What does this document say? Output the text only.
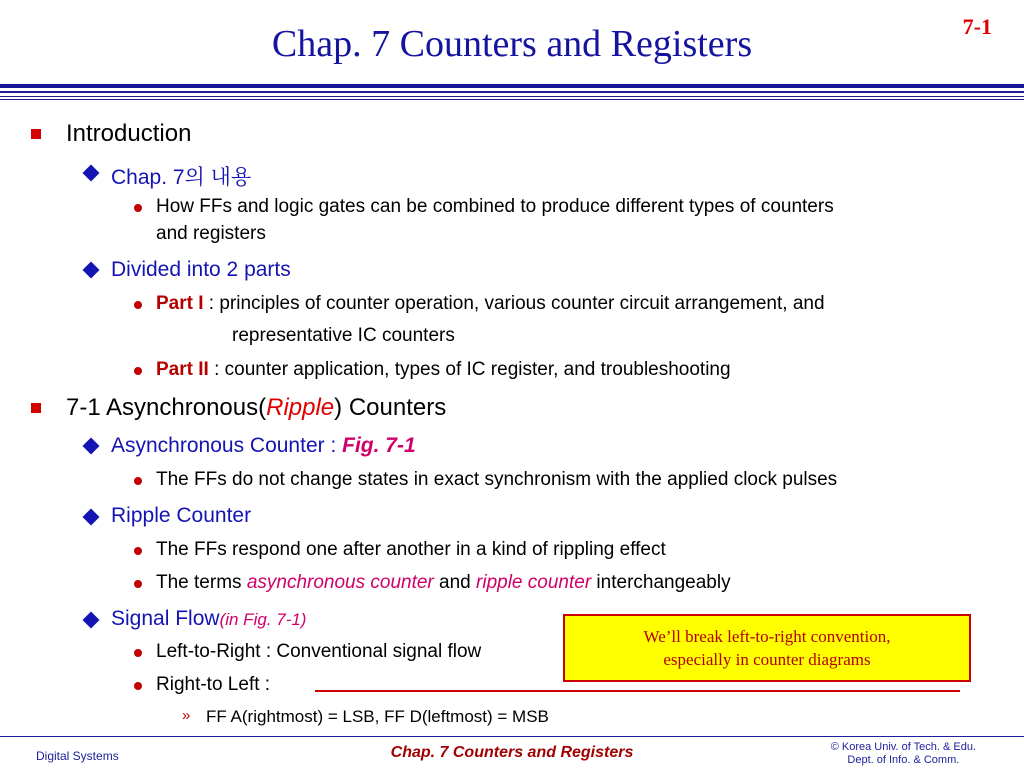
7-1
Chap. 7 Counters and Registers
Introduction
Chap. 7의 내용
How FFs and logic gates can be combined to produce different types of counters
and registers
Divided into 2 parts
Part I : principles of counter operation, various counter circuit arrangement, and
representative IC counters
Part II : counter application, types of IC register, and troubleshooting
7-1 Asynchronous(Ripple) Counters
Asynchronous Counter : Fig. 7-1
The FFs do not change states in exact synchronism with the applied clock pulses
Ripple Counter
The FFs respond one after another in a kind of rippling effect
The terms asynchronous counter and ripple counter interchangeably
Signal Flow(in Fig. 7-1)
Left-to-Right : Conventional signal flow
Right-to Left :
» FF A(rightmost) = LSB, FF D(leftmost) = MSB
We’ll break left-to-right convention,
especially in counter diagrams
Digital Systems	Chap. 7 Counters and Registers	© Korea Univ. of Tech. & Edu.
Dept. of Info. & Comm.
